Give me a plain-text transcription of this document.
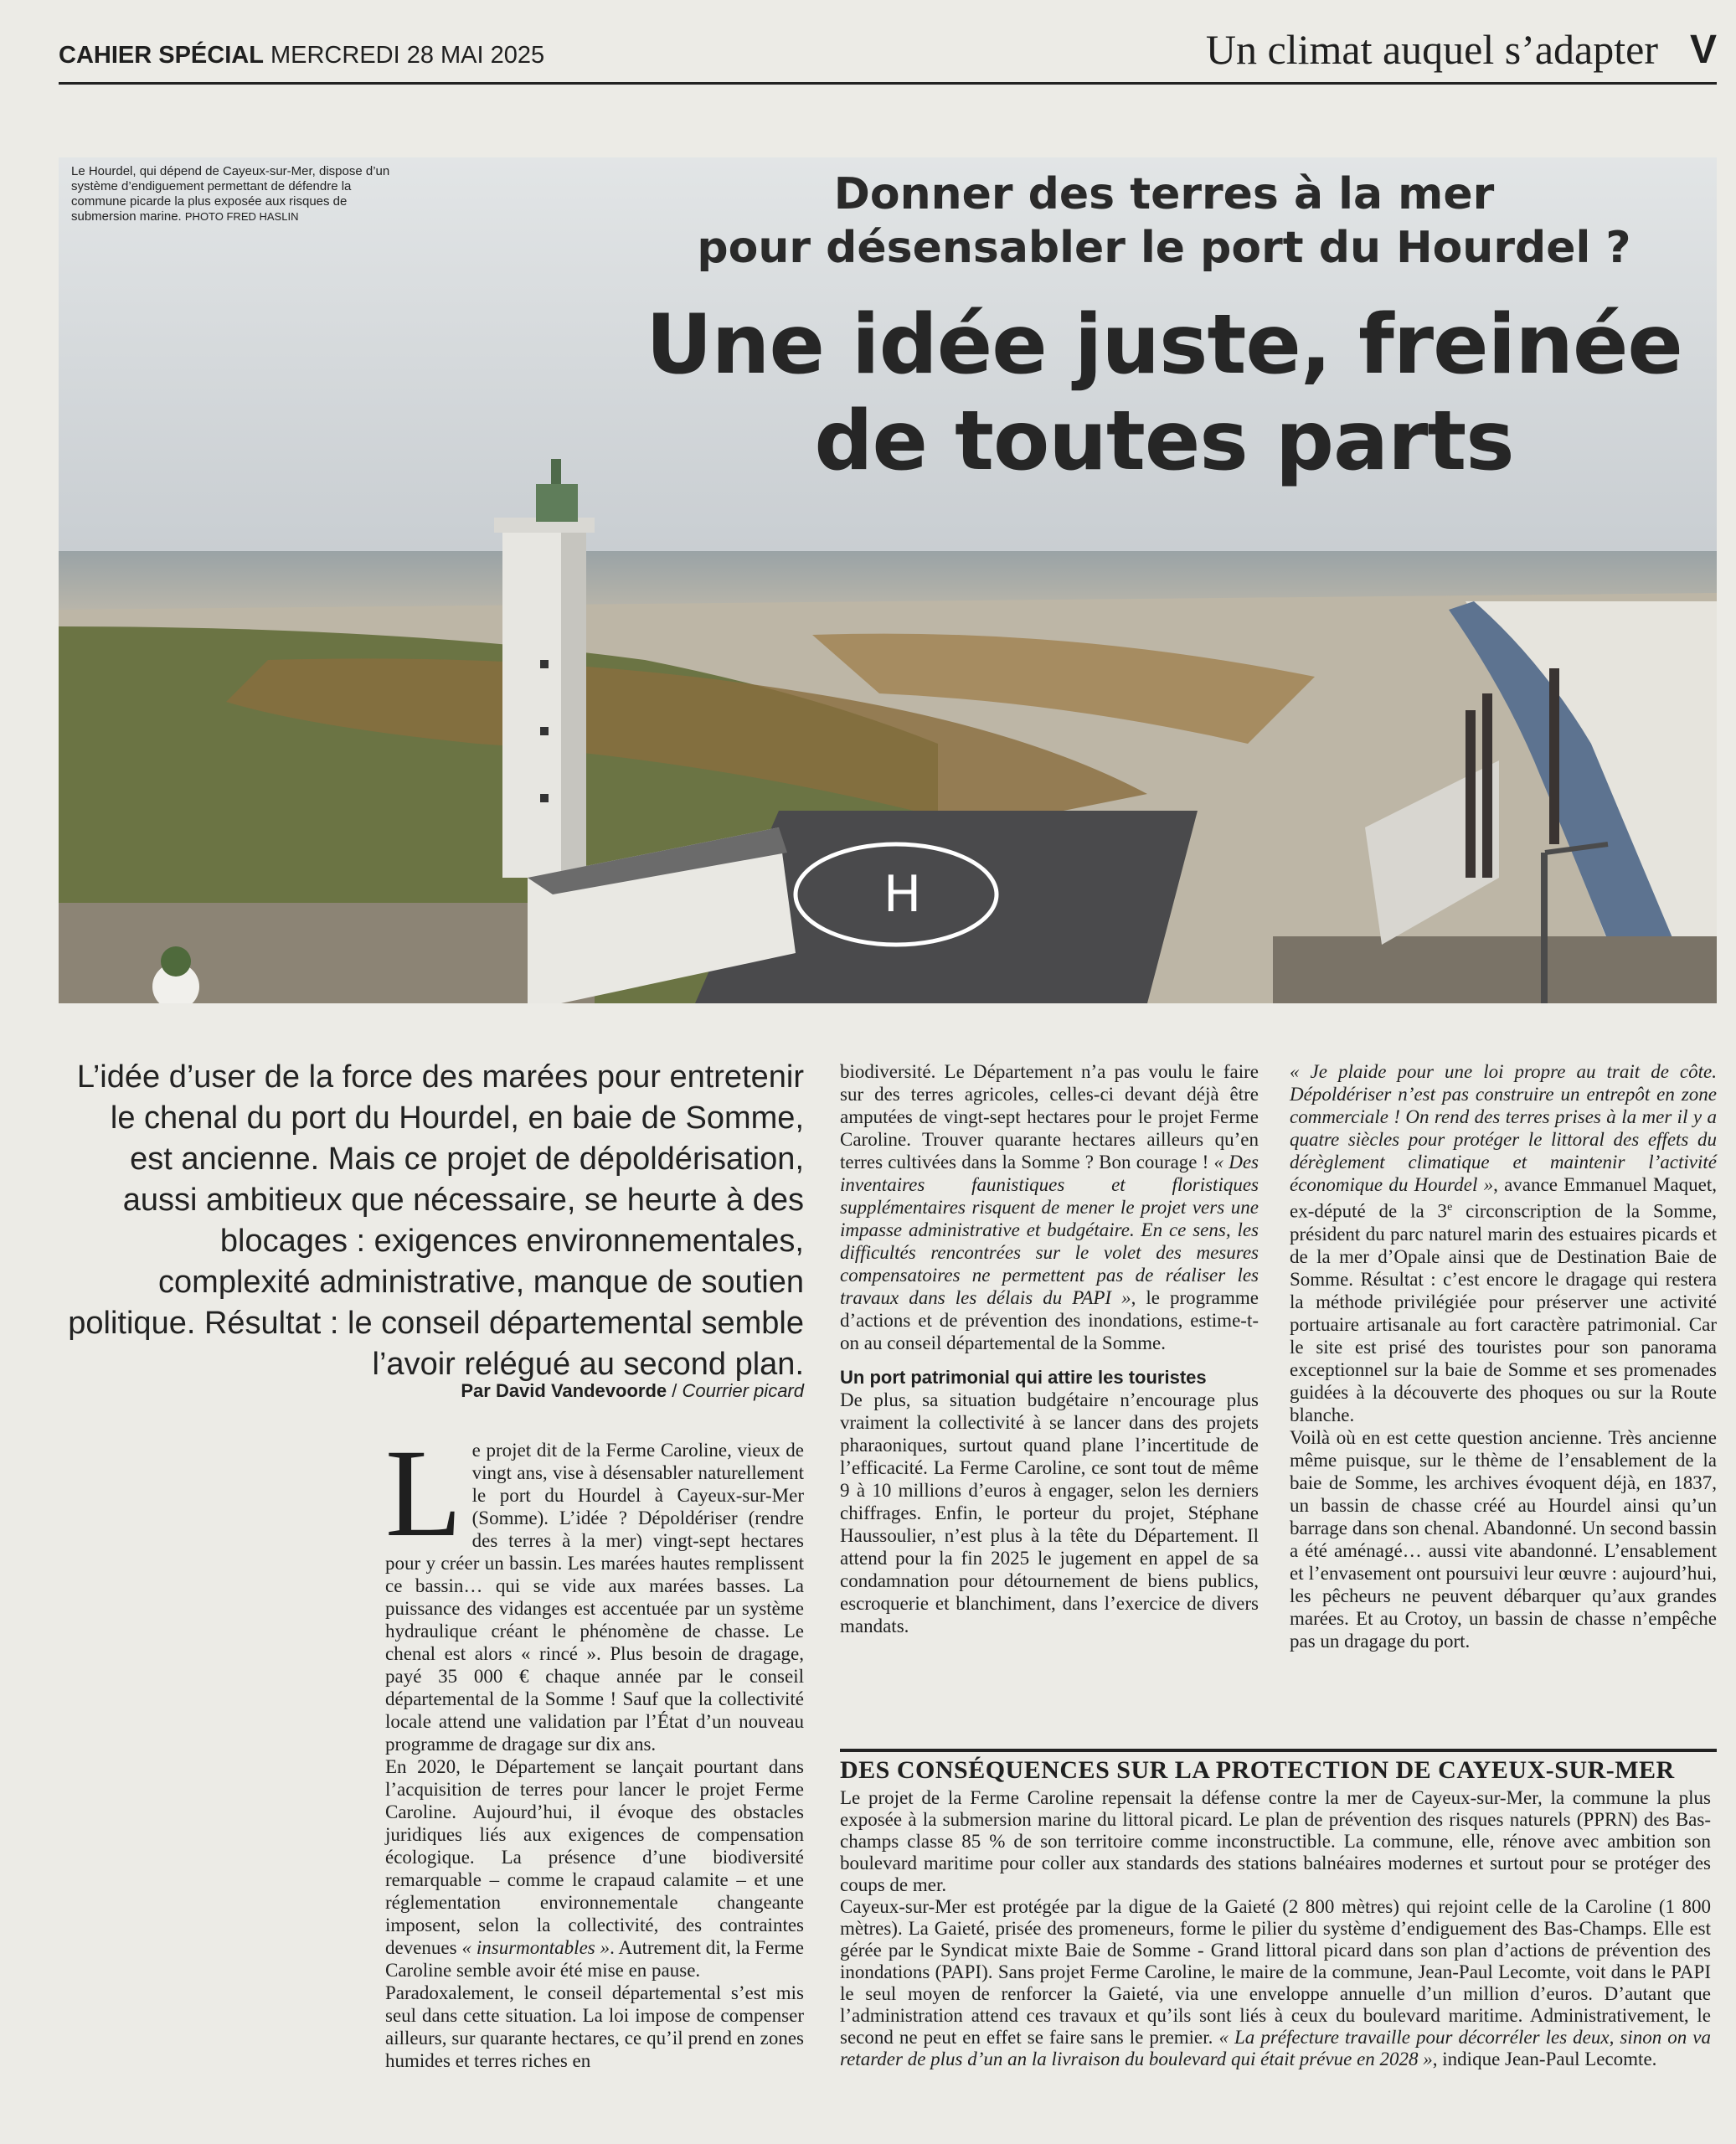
CAHIER SPÉCIAL MERCREDI 28 MAI 2025	Un climat auquel s’adapter V
H
Le Hourdel, qui dépend de Cayeux-sur-Mer, dispose d’un système d’endiguement permettant de défendre la commune picarde la plus exposée aux risques de submersion marine. PHOTO FRED HASLIN	Donner des terres à la mer
pour désensabler le port du Hourdel ?
Une idée juste, freinée
de toutes parts
L’idée d’user de la force des marées pour entretenir le chenal du port du Hourdel, en baie de Somme, est ancienne. Mais ce projet de dépoldérisation, aussi ambitieux que nécessaire, se heurte à des blocages : exigences environnementales, complexité administrative, manque de soutien politique. Résultat : le conseil départemental semble l’avoir relégué au second plan.
Par David Vandevoorde / Courrier picard

Le projet dit de la Ferme Caroline, vieux de vingt ans, vise à désensabler naturellement le port du Hourdel à Cayeux-sur-Mer (Somme). L’idée ? Dépoldériser (rendre des terres à la mer) vingt-sept hectares pour y créer un bassin. Les marées hautes remplissent ce bassin… qui se vide aux marées basses. La puissance des vidanges est accentuée par un système hydraulique créant le phénomène de chasse. Le chenal est alors « rincé ». Plus besoin de dragage, payé 35 000 € chaque année par le conseil départemental de la Somme ! Sauf que la collectivité locale attend une validation par l’État d’un nouveau programme de dragage sur dix ans.

En 2020, le Département se lançait pourtant dans l’acquisition de terres pour lancer le projet Ferme Caroline. Aujourd’hui, il évoque des obstacles juridiques liés aux exigences de compensation écologique. La présence d’une biodiversité remarquable – comme le crapaud calamite – et une réglementation environnementale changeante imposent, selon la collectivité, des contraintes devenues « insurmontables ». Autrement dit, la Ferme Caroline semble avoir été mise en pause.

Paradoxalement, le conseil départemental s’est mis seul dans cette situation. La loi impose de compenser ailleurs, sur quarante hectares, ce qu’il prend en zones humides et terres riches en

biodiversité. Le Département n’a pas voulu le faire sur des terres agricoles, celles-ci devant déjà être amputées de vingt-sept hectares pour le projet Ferme Caroline. Trouver quarante hectares ailleurs qu’en terres cultivées dans la Somme ? Bon courage ! « Des inventaires faunistiques et floristiques supplémentaires risquent de mener le projet vers une impasse administrative et budgétaire. En ce sens, les difficultés rencontrées sur le volet des mesures compensatoires ne permettent pas de réaliser les travaux dans les délais du PAPI », le programme d’actions et de prévention des inondations, estime-t-on au conseil départemental de la Somme.

Un port patrimonial qui attire les touristes

De plus, sa situation budgétaire n’encourage plus vraiment la collectivité à se lancer dans des projets pharaoniques, surtout quand plane l’incertitude de l’efficacité. La Ferme Caroline, ce sont tout de même 9 à 10 millions d’euros à engager, selon les derniers chiffrages. Enfin, le porteur du projet, Stéphane Haussoulier, n’est plus à la tête du Département. Il attend pour la fin 2025 le jugement en appel de sa condamnation pour détournement de biens publics, escroquerie et blanchiment, dans l’exercice de divers mandats.

« Je plaide pour une loi propre au trait de côte. Dépoldériser n’est pas construire un entrepôt en zone commerciale ! On rend des terres prises à la mer il y a quatre siècles pour protéger le littoral des effets du dérèglement climatique et maintenir l’activité économique du Hourdel », avance Emmanuel Maquet, ex-député de la 3e circonscription de la Somme, président du parc naturel marin des estuaires picards et de la mer d’Opale ainsi que de Destination Baie de Somme. Résultat : c’est encore le dragage qui restera la méthode privilégiée pour préserver une activité portuaire artisanale au fort caractère patrimonial. Car le site est prisé des touristes pour son panorama exceptionnel sur la baie de Somme et ses promenades guidées à la découverte des phoques ou sur la Route blanche.

Voilà où en est cette question ancienne. Très ancienne même puisque, sur le thème de l’ensablement de la baie de Somme, les archives évoquent déjà, en 1837, un bassin de chasse créé au Hourdel ainsi qu’un barrage dans son chenal. Abandonné. Un second bassin a été aménagé… aussi vite abandonné. L’ensablement et l’envasement ont poursuivi leur œuvre : aujourd’hui, les pêcheurs ne peuvent débarquer qu’aux grandes marées. Et au Crotoy, un bassin de chasse n’empêche pas un dragage du port.

DES CONSÉQUENCES SUR LA PROTECTION DE CAYEUX-SUR-MER

Le projet de la Ferme Caroline repensait la défense contre la mer de Cayeux-sur-Mer, la commune la plus exposée à la submersion marine du littoral picard. Le plan de prévention des risques naturels (PPRN) des Bas-champs classe 85 % de son territoire comme inconstructible. La commune, elle, rénove avec ambition son boulevard maritime pour coller aux standards des stations balnéaires modernes et surtout pour se protéger des coups de mer.

Cayeux-sur-Mer est protégée par la digue de la Gaieté (2 800 mètres) qui rejoint celle de la Caroline (1 800 mètres). La Gaieté, prisée des promeneurs, forme le pilier du système d’endiguement des Bas-Champs. Elle est gérée par le Syndicat mixte Baie de Somme - Grand littoral picard dans son plan d’actions de prévention des inondations (PAPI). Sans projet Ferme Caroline, le maire de la commune, Jean-Paul Lecomte, voit dans le PAPI le seul moyen de renforcer la Gaieté, via une enveloppe annuelle d’un million d’euros. D’autant que l’administration attend ces travaux et qu’ils sont liés à ceux du boulevard maritime. Administrativement, le second ne peut en effet se faire sans le premier. « La préfecture travaille pour décorréler les deux, sinon on va retarder de plus d’un an la livraison du boulevard qui était prévue en 2028 », indique Jean-Paul Lecomte.
